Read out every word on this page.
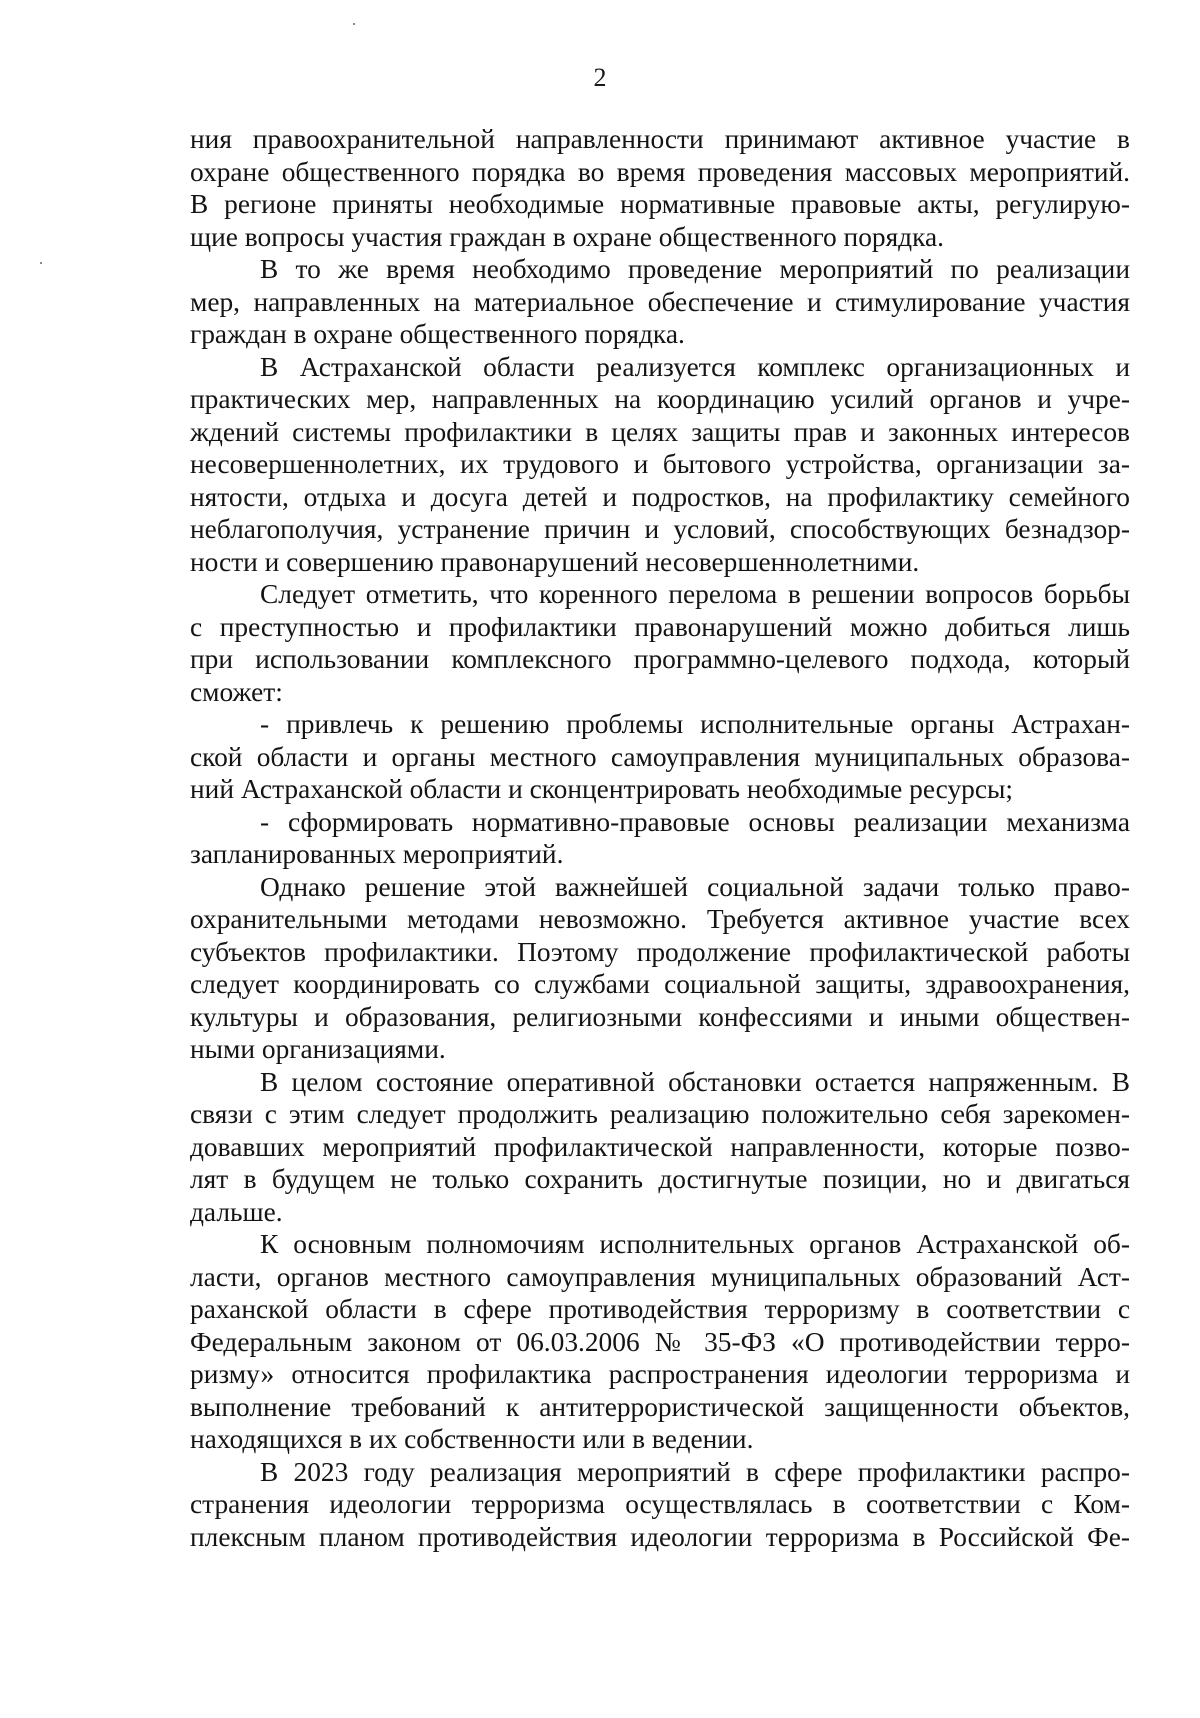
2
ния правоохранительной направленности принимают активное участие в
охране общественного порядка во время проведения массовых мероприятий.
В регионе приняты необходимые нормативные правовые акты, регулирую-
щие вопросы участия граждан в охране общественного порядка.
В то же время необходимо проведение мероприятий по реализации
мер, направленных на материальное обеспечение и стимулирование участия
граждан в охране общественного порядка.
В Астраханской области реализуется комплекс организационных и
практических мер, направленных на координацию усилий органов и учре-
ждений системы профилактики в целях защиты прав и законных интересов
несовершеннолетних, их трудового и бытового устройства, организации за-
нятости, отдыха и досуга детей и подростков, на профилактику семейного
неблагополучия, устранение причин и условий, способствующих безнадзор-
ности и совершению правонарушений несовершеннолетними.
Следует отметить, что коренного перелома в решении вопросов борьбы
с преступностью и профилактики правонарушений можно добиться лишь
при использовании комплексного программно-целевого подхода, который
сможет:
- привлечь к решению проблемы исполнительные органы Астрахан-
ской области и органы местного самоуправления муниципальных образова-
ний Астраханской области и сконцентрировать необходимые ресурсы;
- сформировать нормативно-правовые основы реализации механизма
запланированных мероприятий.
Однако решение этой важнейшей социальной задачи только право-
охранительными методами невозможно. Требуется активное участие всех
субъектов профилактики. Поэтому продолжение профилактической работы
следует координировать со службами социальной защиты, здравоохранения,
культуры и образования, религиозными конфессиями и иными обществен-
ными организациями.
В целом состояние оперативной обстановки остается напряженным. В
связи с этим следует продолжить реализацию положительно себя зарекомен-
довавших мероприятий профилактической направленности, которые позво-
лят в будущем не только сохранить достигнутые позиции, но и двигаться
дальше.
К основным полномочиям исполнительных органов Астраханской об-
ласти, органов местного самоуправления муниципальных образований Аст-
раханской области в сфере противодействия терроризму в соответствии с
Федеральным законом от 06.03.2006 № 35-ФЗ «О противодействии терро-
ризму» относится профилактика распространения идеологии терроризма и
выполнение требований к антитеррористической защищенности объектов,
находящихся в их собственности или в ведении.
В 2023 году реализация мероприятий в сфере профилактики распро-
странения идеологии терроризма осуществлялась в соответствии с Ком-
плексным планом противодействия идеологии терроризма в Российской Фе-
